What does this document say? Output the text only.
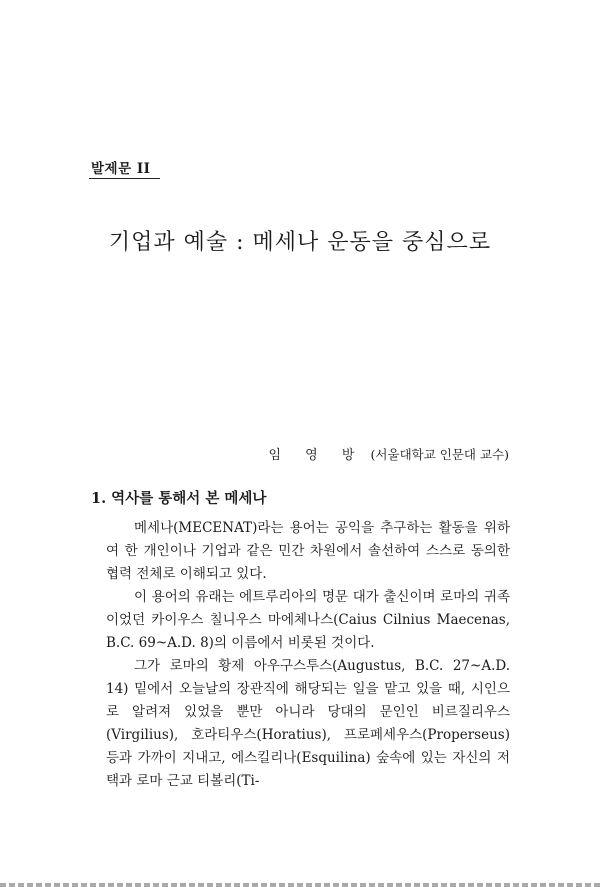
발제문 II
기업과 예술 : 메세나 운동을 중심으로
임 영 방 (서울대학교 인문대 교수)
1. 역사를 통해서 본 메세나

메세나(MECENAT)라는 용어는 공익을 추구하는 활동을 위하여 한 개인이나 기업과 같은 민간 차원에서 솔선하여 스스로 동의한 협력 전체로 이해되고 있다.

이 용어의 유래는 에트루리아의 명문 대가 출신이며 로마의 귀족이었던 카이우스 칠니우스 마에체나스(Caius Cilnius Maecenas, B.C. 69~A.D. 8)의 이름에서 비롯된 것이다.

그가 로마의 황제 아우구스투스(Augustus, B.C. 27~A.D. 14) 밑에서 오늘날의 장관직에 해당되는 일을 맡고 있을 때, 시인으로 알려져 있었을 뿐만 아니라 당대의 문인인 비르질리우스(Virgilius), 호라티우스(Horatius), 프로페세우스(Properseus) 등과 가까이 지내고, 에스킬리나(Esquilina) 숲속에 있는 자신의 저택과 로마 근교 티볼리(Ti-
